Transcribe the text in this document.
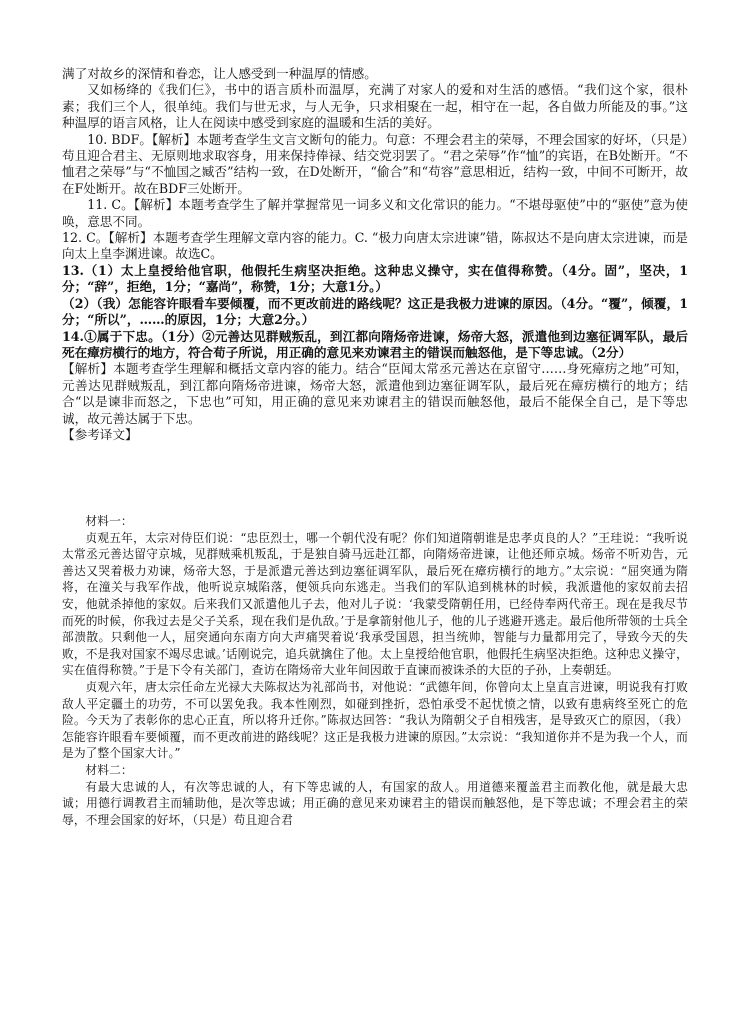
满了对故乡的深情和眷恋，让人感受到一种温厚的情感。

又如杨绛的《我们仨》，书中的语言质朴而温厚，充满了对家人的爱和对生活的感悟。“我们这个家，很朴素；我们三个人，很单纯。我们与世无求，与人无争，只求相聚在一起，相守在一起，各自做力所能及的事。”这种温厚的语言风格，让人在阅读中感受到家庭的温暖和生活的美好。

10. BDF。【解析】本题考查学生文言文断句的能力。句意：不理会君主的荣辱，不理会国家的好坏，（只是）苟且迎合君主、无原则地求取容身，用来保持俸禄、结交党羽罢了。“君之荣辱”作“恤”的宾语，在B处断开。“不恤君之荣辱”与“不恤国之臧否”结构一致，在D处断开，“偷合”和“苟容”意思相近，结构一致，中间不可断开，故在F处断开。故在BDF三处断开。

11. C。【解析】本题考查学生了解并掌握常见一词多义和文化常识的能力。“不堪母驱使”中的“驱使”意为使唤，意思不同。

12. C。【解析】本题考查学生理解文章内容的能力。C. “极力向唐太宗进谏”错，陈叔达不是向唐太宗进谏，而是向太上皇李渊进谏。故选C。

13.（1）太上皇授给他官职，他假托生病坚决拒绝。这种忠义操守，实在值得称赞。（4分。固”，坚决，1分；“辞”，拒绝，1分；“嘉尚”，称赞，1分；大意1分。）

（2）（我）怎能容许眼看车要倾覆，而不更改前进的路线呢？这正是我极力进谏的原因。（4分。“覆”，倾覆，1分；“所以”，……的原因，1分；大意2分。）

14.①属于下忠。（1分）②元善达见群贼叛乱，到江都向隋炀帝进谏，炀帝大怒，派遣他到边塞征调军队，最后死在瘴疠横行的地方，符合荀子所说，用正确的意见来劝谏君主的错误而触怒他，是下等忠诚。（2分）

【解析】本题考查学生理解和概括文章内容的能力。结合“臣闻太常丞元善达在京留守……身死瘴疠之地”可知，元善达见群贼叛乱，到江都向隋炀帝进谏，炀帝大怒，派遣他到边塞征调军队，最后死在瘴疠横行的地方；结合“以是谏非而怒之，下忠也”可知，用正确的意见来劝谏君主的错误而触怒他，最后不能保全自己，是下等忠诚，故元善达属于下忠。

【参考译文】

材料一：

贞观五年，太宗对侍臣们说：“忠臣烈士，哪一个朝代没有呢？你们知道隋朝谁是忠孝贞良的人？”王珪说：“我听说太常丞元善达留守京城，见群贼乘机叛乱，于是独自骑马远赴江都，向隋炀帝进谏，让他还师京城。炀帝不听劝告，元善达又哭着极力劝谏，炀帝大怒，于是派遣元善达到边塞征调军队，最后死在瘴疠横行的地方。”太宗说：“屈突通为隋将，在潼关与我军作战，他听说京城陷落，便领兵向东逃走。当我们的军队追到桃林的时候，我派遣他的家奴前去招安，他就杀掉他的家奴。后来我们又派遣他儿子去，他对儿子说：‘我蒙受隋朝任用，已经侍奉两代帝王。现在是我尽节而死的时候，你我过去是父子关系，现在我们是仇敌。’于是拿箭射他儿子，他的儿子逃避开逃走。最后他所带领的士兵全部溃散。只剩他一人，屈突通向东南方向大声痛哭着说‘我承受国恩，担当统帅，智能与力量都用完了，导致今天的失败，不是我对国家不竭尽忠诚。’话刚说完，追兵就擒住了他。太上皇授给他官职，他假托生病坚决拒绝。这种忠义操守，实在值得称赞。”于是下令有关部门，查访在隋炀帝大业年间因敢于直谏而被诛杀的大臣的子孙，上奏朝廷。

贞观六年，唐太宗任命左光禄大夫陈叔达为礼部尚书，对他说：“武德年间，你曾向太上皇直言进谏，明说我有打败敌人平定疆土的功劳，不可以罢免我。我本性刚烈，如碰到挫折，恐怕承受不起忧愤之情，以致有患病终至死亡的危险。今天为了表彰你的忠心正直，所以将升迁你。”陈叔达回答：“我认为隋朝父子自相残害，是导致灭亡的原因，（我）怎能容许眼看车要倾覆，而不更改前进的路线呢？这正是我极力进谏的原因。”太宗说：“我知道你并不是为我一个人，而是为了整个国家大计。”

材料二：

有最大忠诚的人，有次等忠诚的人，有下等忠诚的人，有国家的敌人。用道德来覆盖君主而教化他，就是最大忠诚；用德行调教君主而辅助他，是次等忠诚；用正确的意见来劝谏君主的错误而触怒他，是下等忠诚；不理会君主的荣辱，不理会国家的好坏，（只是）苟且迎合君
